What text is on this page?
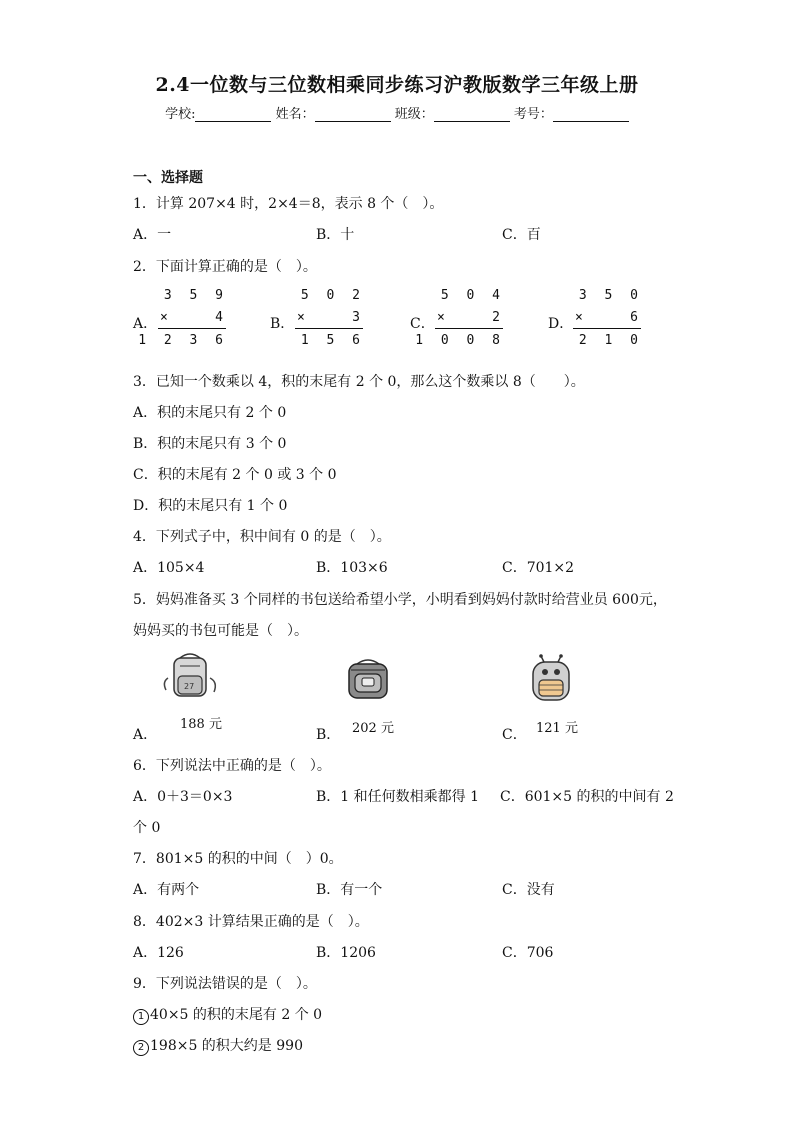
2.4一位数与三位数相乘同步练习沪教版数学三年级上册
学校:	姓名：	班级：	考号：
一、选择题
1．计算 207×4 时，2×4＝8，表示 8 个（　）。
A．一	B．十	C．百
2．下面计算正确的是（　）。
A．
3 5 9
×	4
1 2 3 6
B．
5 0 2
×	3
1 5 6
C．
5 0 4
×	2
1 0 0 8
D．
3 5 0
×	6
2 1 0
3．已知一个数乘以 4，积的末尾有 2 个 0，那么这个数乘以 8（　　）。
A．积的末尾只有 2 个 0
B．积的末尾只有 3 个 0
C．积的末尾有 2 个 0 或 3 个 0
D．积的末尾只有 1 个 0
4．下列式子中，积中间有 0 的是（　）。
A．105×4	B．103×6	C．701×2
5．妈妈准备买 3 个同样的书包送给希望小学，小明看到妈妈付款时给营业员 600元，
妈妈买的书包可能是（　）。
27
A．
188 元
B． 202 元	C． 121 元
6．下列说法中正确的是（　）。
A．0＋3＝0×3	B．1 和任何数相乘都得 1 C．601×5 的积的中间有 2
个 0
7．801×5 的积的中间（　）0。
A．有两个	B．有一个	C．没有
8．402×3 计算结果正确的是（　）。
A．126	B．1206	C．706
9．下列说法错误的是（　）。
1 40×5 的积的末尾有 2 个 0
2 198×5 的积大约是 990
